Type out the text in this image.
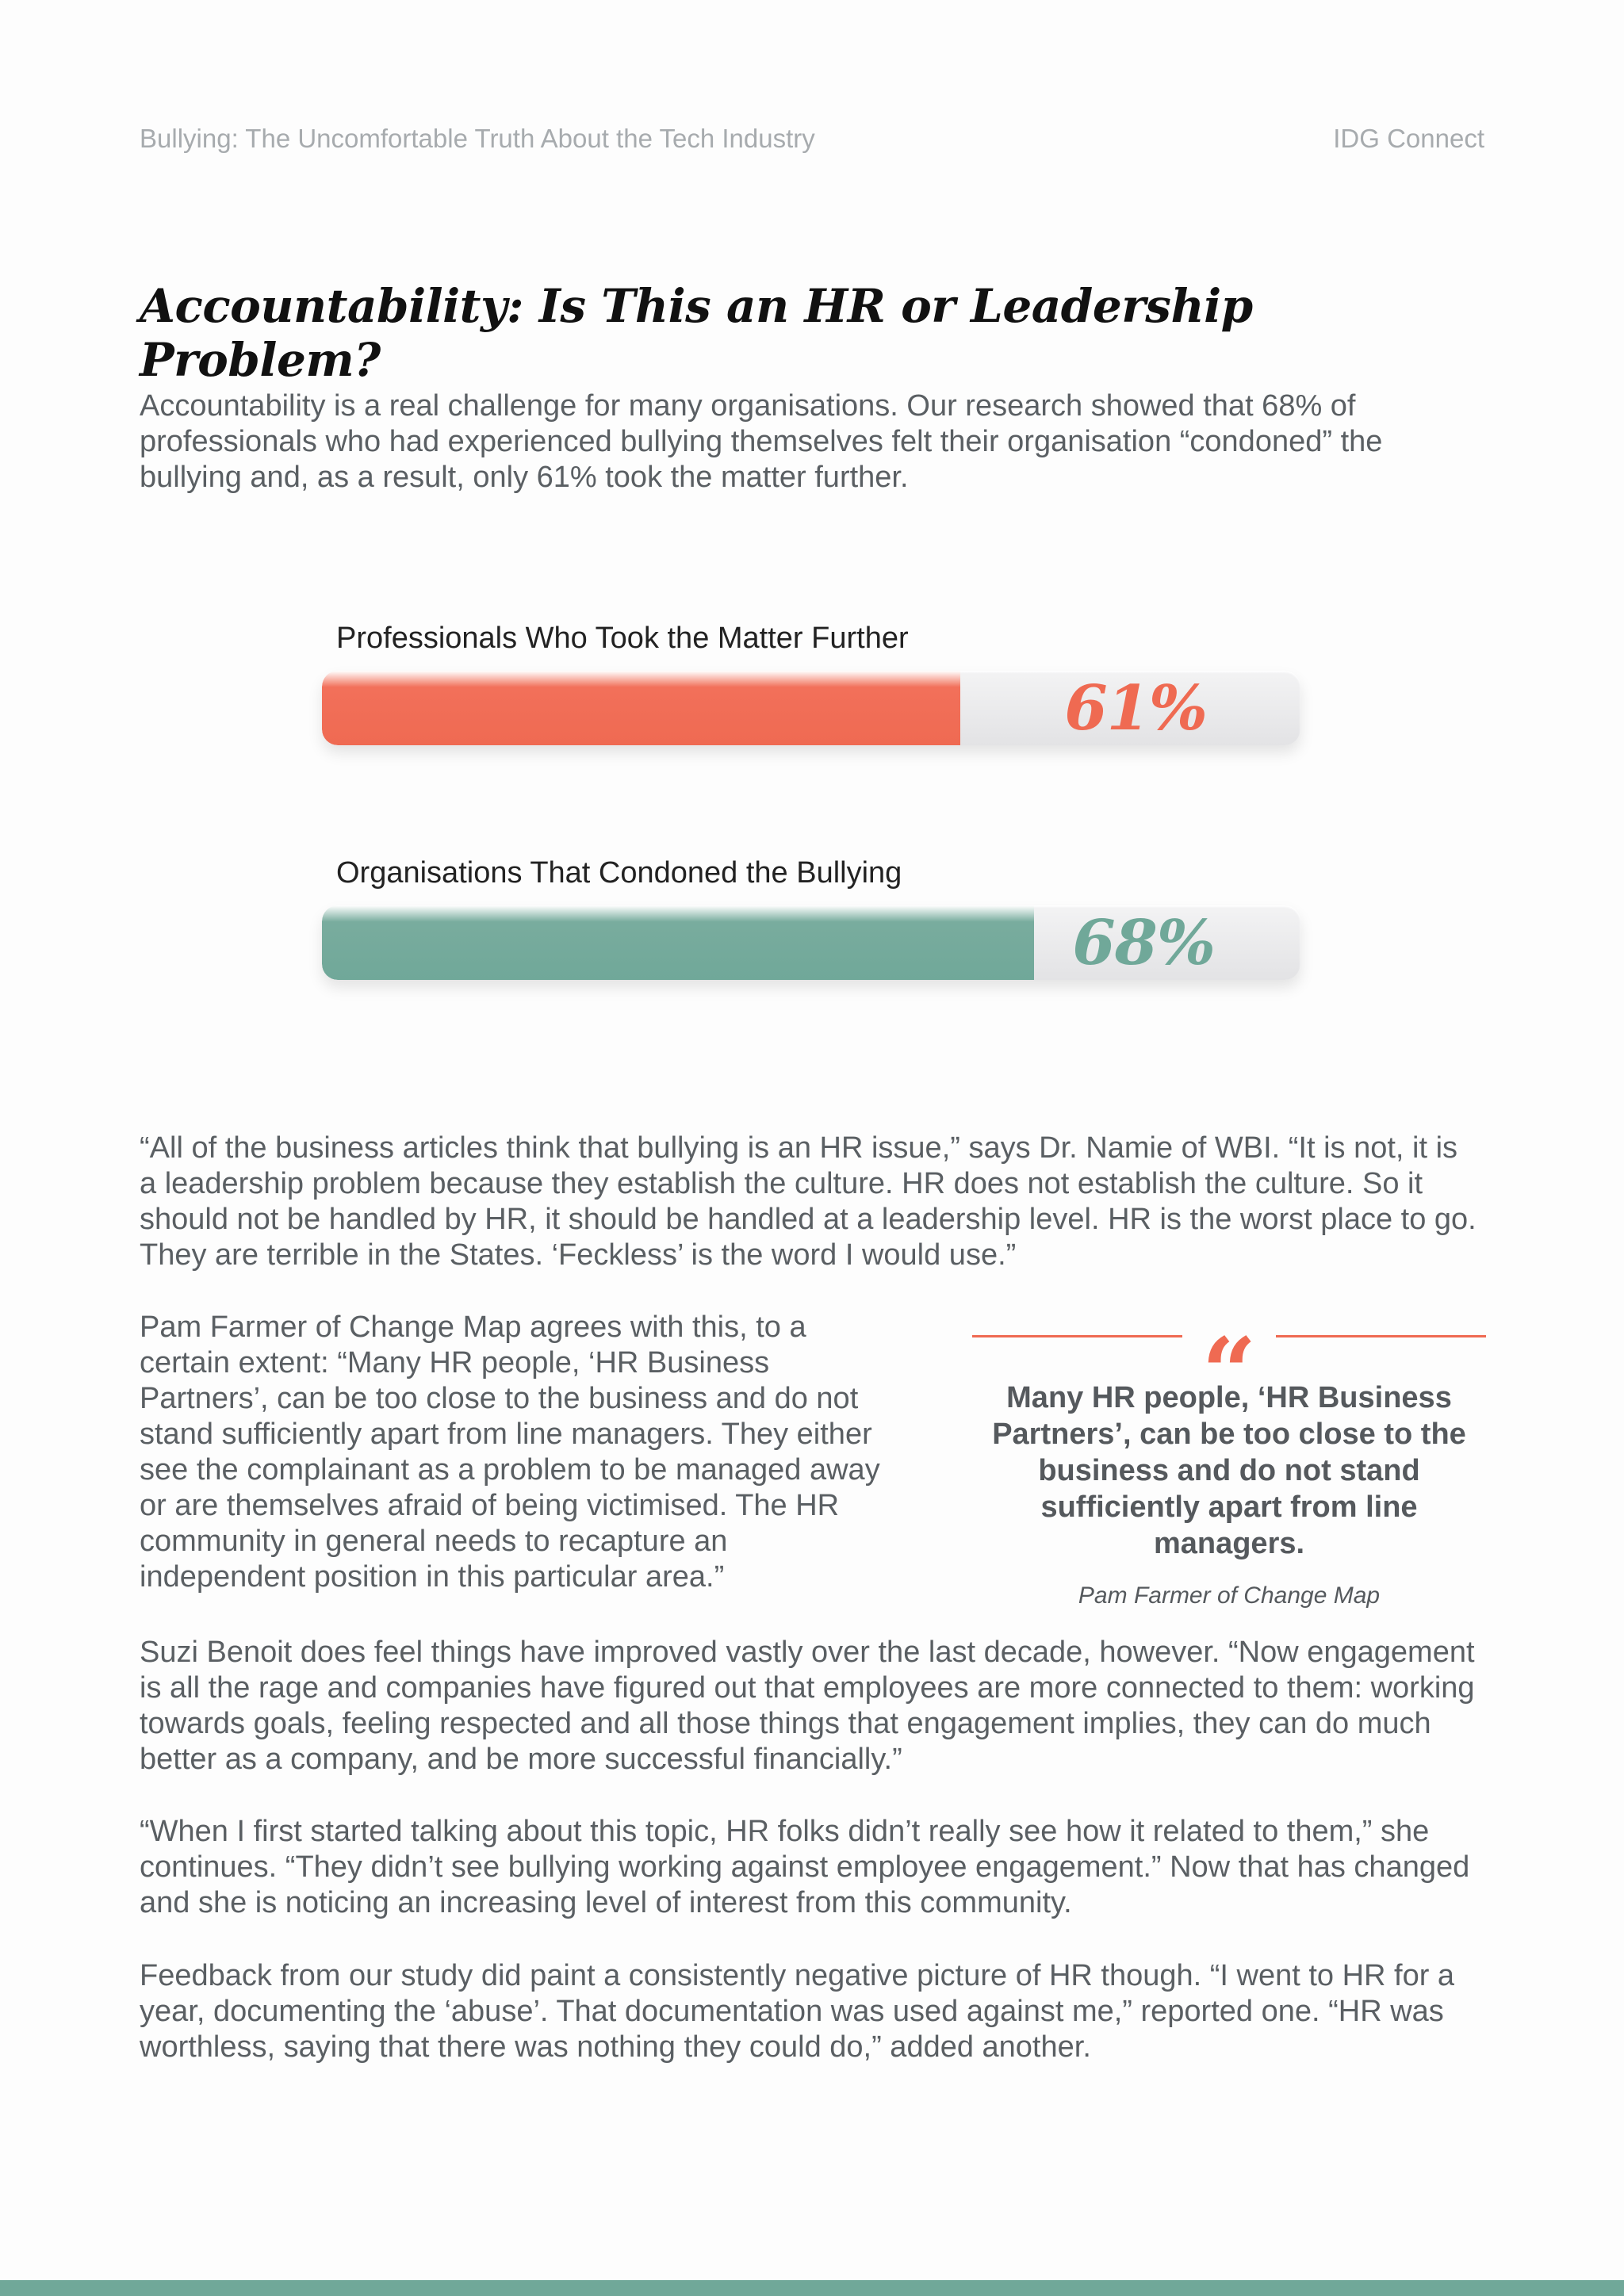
Bullying: The Uncomfortable Truth About the Tech Industry	IDG Connect
Accountability: Is This an HR or Leadership Problem?

Accountability is a real challenge for many organisations. Our research showed that 68% of professionals who had experienced bullying themselves felt their organisation “condoned” the bullying and, as a result, only 61% took the matter further.

Professionals Who Took the Matter Further

61%

Organisations That Condoned the Bullying

68%

“All of the business articles think that bullying is an HR issue,” says Dr. Namie of WBI. “It is not, it is a leadership problem because they establish the culture. HR does not establish the culture. So it should not be handled by HR, it should be handled at a leadership level. HR is the worst place to go. They are terrible in the States. ‘Feckless’ is the word I would use.”

Pam Farmer of Change Map agrees with this, to a certain extent: “Many HR people, ‘HR Business Partners’, can be too close to the business and do not stand sufficiently apart from line managers. They either see the complainant as a problem to be managed away or are themselves afraid of being victimised. The HR community in general needs to recapture an independent position in this particular area.”

“

Many HR people, ‘HR Business Partners’, can be too close to the business and do not stand sufficiently apart from line managers.

Pam Farmer of Change Map

Suzi Benoit does feel things have improved vastly over the last decade, however. “Now engagement is all the rage and companies have figured out that employees are more connected to them: working towards goals, feeling respected and all those things that engagement implies, they can do much better as a company, and be more successful financially.”

“When I first started talking about this topic, HR folks didn’t really see how it related to them,” she continues. “They didn’t see bullying working against employee engagement.” Now that has changed and she is noticing an increasing level of interest from this community.

Feedback from our study did paint a consistently negative picture of HR though. “I went to HR for a year, documenting the ‘abuse’. That documentation was used against me,” reported one. “HR was worthless, saying that there was nothing they could do,” added another.
